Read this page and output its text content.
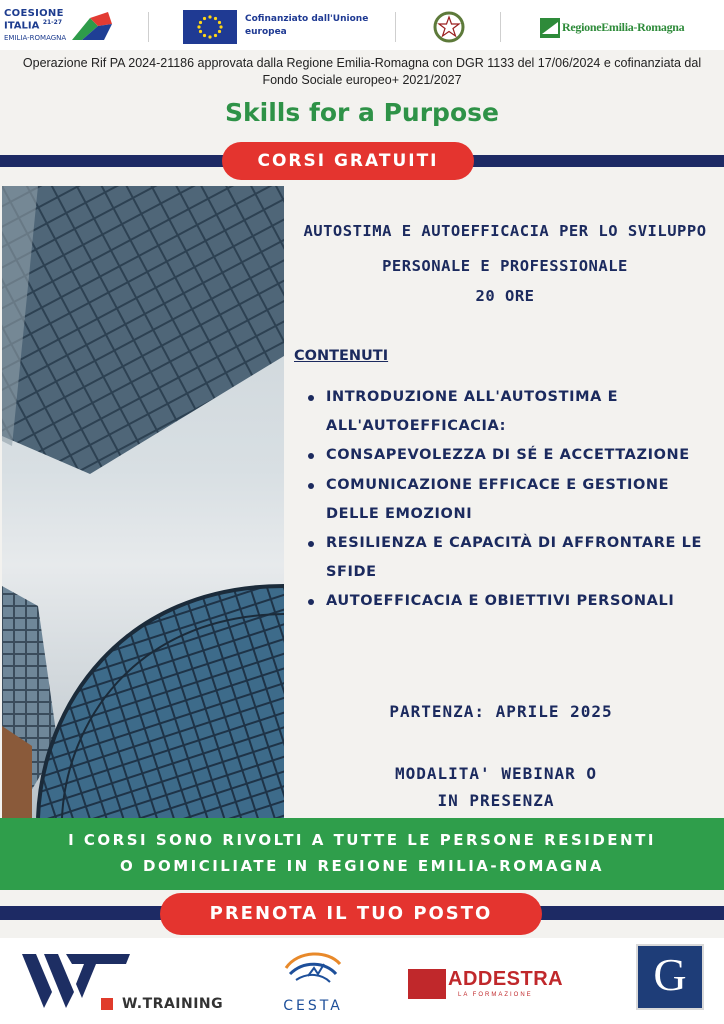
COESIONE
ITALIA $^{21-27}$
EMILIA-ROMAGNA
Cofinanziato dall'Unione europea	RegioneEmilia-Romagna
Operazione Rif PA 2024-21186 approvata dalla Regione Emilia-Romagna con DGR 1133 del 17/06/2024 e cofinanziata dal Fondo Sociale europeo+ 2021/2027
Skills for a Purpose
CORSI GRATUITI
AUTOSTIMA E AUTOEFFICACIA PER LO SVILUPPO PERSONALE E PROFESSIONALE
20 ORE
CONTENUTI
INTRODUZIONE ALL'AUTOSTIMA E ALL'AUTOEFFICACIA:
CONSAPEVOLEZZA DI SÉ E ACCETTAZIONE
COMUNICAZIONE EFFICACE E GESTIONE DELLE EMOZIONI
RESILIENZA E CAPACITÀ DI AFFRONTARE LE SFIDE
AUTOEFFICACIA E OBIETTIVI PERSONALI
PARTENZA: APRILE 2025
MODALITA' WEBINAR O
IN PRESENZA
I CORSI SONO RIVOLTI A TUTTE LE PERSONE RESIDENTI
O DOMICILIATE IN REGIONE EMILIA-ROMAGNA
PRENOTA IL TUO POSTO
W.TRAINING	CESTA
ADDESTRA
LA FORMAZIONE	G
